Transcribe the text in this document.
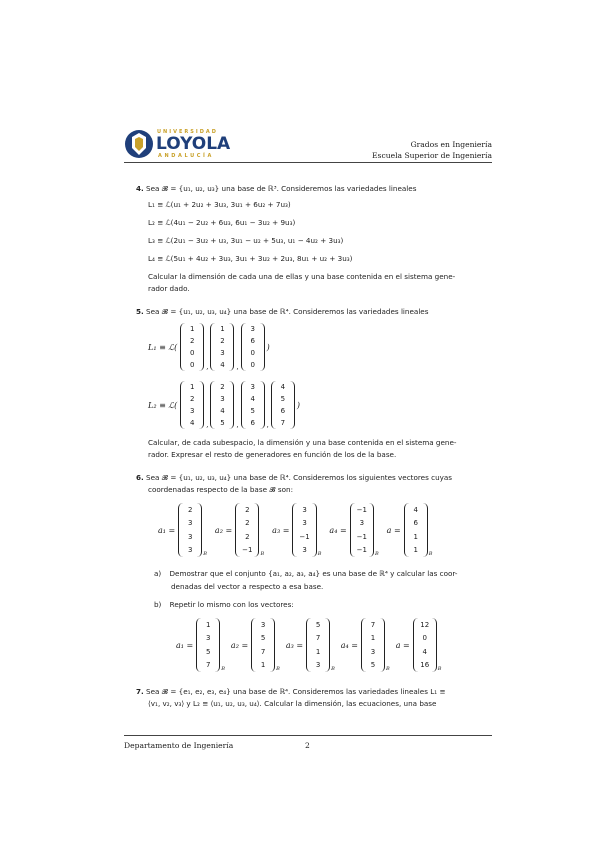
UNIVERSIDAD
LOYOLA
ANDALUCÍA
Grados en Ingeniería
Escuela Superior de Ingeniería
4. Sea 𝓑 = {u₁, u₂, u₃} una base de ℝ³. Consideremos las variedades lineales
L₁ ≡ ℒ(u₁ + 2u₂ + 3u₃, 3u₁ + 6u₂ + 7u₃)
L₂ ≡ ℒ(4u₁ − 2u₂ + 6u₃, 6u₁ − 3u₂ + 9u₃)
L₃ ≡ ℒ(2u₁ − 3u₂ + u₃, 3u₁ − u₂ + 5u₃, u₁ − 4u₂ + 3u₃)
L₄ ≡ ℒ(5u₁ + 4u₂ + 3u₃, 3u₁ + 3u₂ + 2u₃, 8u₁ + u₂ + 3u₃)
Calcular la dimensión de cada una de ellas y una base contenida en el sistema gene-
rador dado.
5. Sea 𝓑 = {u₁, u₂, u₃, u₄} una base de ℝ⁴. Consideremos las variedades lineales
L₁ ≡ ℒ(
1
2
0
0 ,
1
2
3
4 ,
3
6
0
0
)
L₂ ≡ ℒ(
1
2
3
4 ,
2
3
4
5 ,
3
4
5
6 ,
4
5
6
7
)
Calcular, de cada subespacio, la dimensión y una base contenida en el sistema gene-
rador. Expresar el resto de generadores en función de los de la base.
6. Sea 𝓑 = {u₁, u₂, u₃, u₄} una base de ℝ⁴. Consideremos los siguientes vectores cuyas
coordenadas respecto de la base 𝓑 son:
a₁ =
2
3
3
3 B
a₂ =
2
2
2
−1 B
a₃ =
3
3
−1
3 B
a₄ =
−1
3
−1
−1 B
a =
4
6
1
1 B
a) Demostrar que el conjunto {a₁, a₂, a₃, a₄} es una base de ℝ⁴ y calcular las coor-
denadas del vector a respecto a esa base.
b) Repetir lo mismo con los vectores:
a₁ =
1
3
5
7 B
a₂ =
3
5
7
1 B
a₃ =
5
7
1
3 B
a₄ =
7
1
3
5 B
a =
12
0
4
16 B
7. Sea 𝓑 = {e₁, e₂, e₃, e₄} una base de ℝ⁴. Consideremos las variedades lineales L₁ ≡
⟨v₁, v₂, v₃⟩ y L₂ ≡ ⟨u₁, u₂, u₃, u₄⟩. Calcular la dimensión, las ecuaciones, una base
Departamento de Ingeniería	2
